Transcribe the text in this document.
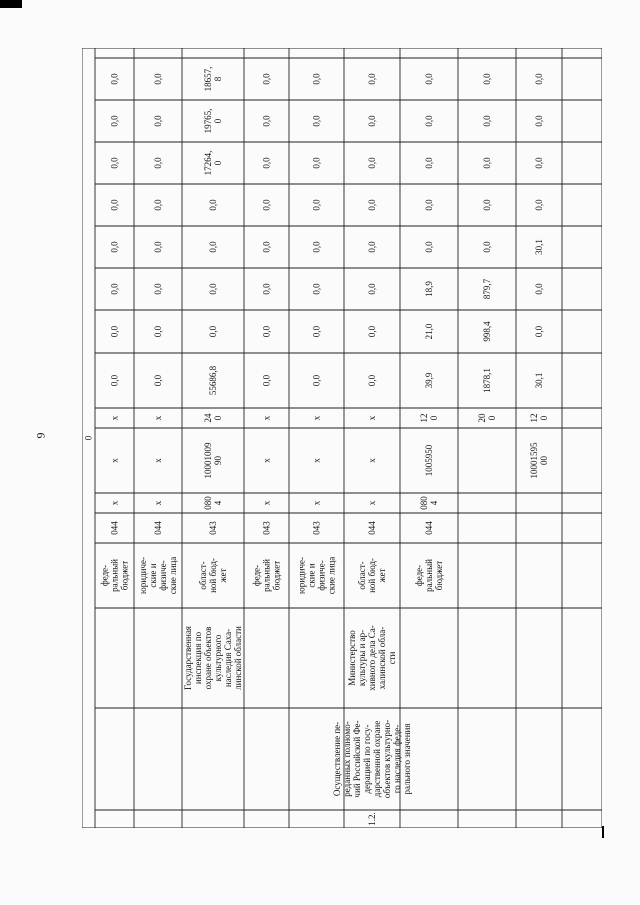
9	0
феде-ральныйбюджет
044
x
x
x
0,0
0,0
0,0
0,0
0,0
0,0
0,0
0,0
юридиче-ские ифизиче-ские лица
044
x
x
x
0,0
0,0
0,0
0,0
0,0
0,0
0,0
0,0
Государственнаяинспекция поохране объектовкультурногонаследия Саха-линской области
област-ной бюд-жет
043
0804
1000100990
240
55686,8
0,0
0,0
0,0
0,0
17264,0
19765,0
18657,8
феде-ральныйбюджет
043
x
x
x
0,0
0,0
0,0
0,0
0,0
0,0
0,0
0,0
юридиче-ские ифизиче-ские лица
043
x
x
x
0,0
0,0
0,0
0,0
0,0
0,0
0,0
0,0
1.2.
Осуществление пе-реданных полномо-чий Российской Фе-дерацией по госу-дарственной охранеобъектов культурно-го наследия феде-рального значения
Министерствокультуры и ар-хивного дела Са-халинской обла-сти
област-ной бюд-жет
044
x
x
x
0,0
0,0
0,0
0,0
0,0
0,0
0,0
0,0
феде-ральныйбюджет
044
0804
1005950
120
39,9
21,0
18,9
0,0
0,0
0,0
0,0
0,0
200
1878,1
998,4
879,7
0,0
0,0
0,0
0,0
0,0
1000159500
120
30,1
0,0
0,0
30,1
0,0
0,0
0,0
0,0
